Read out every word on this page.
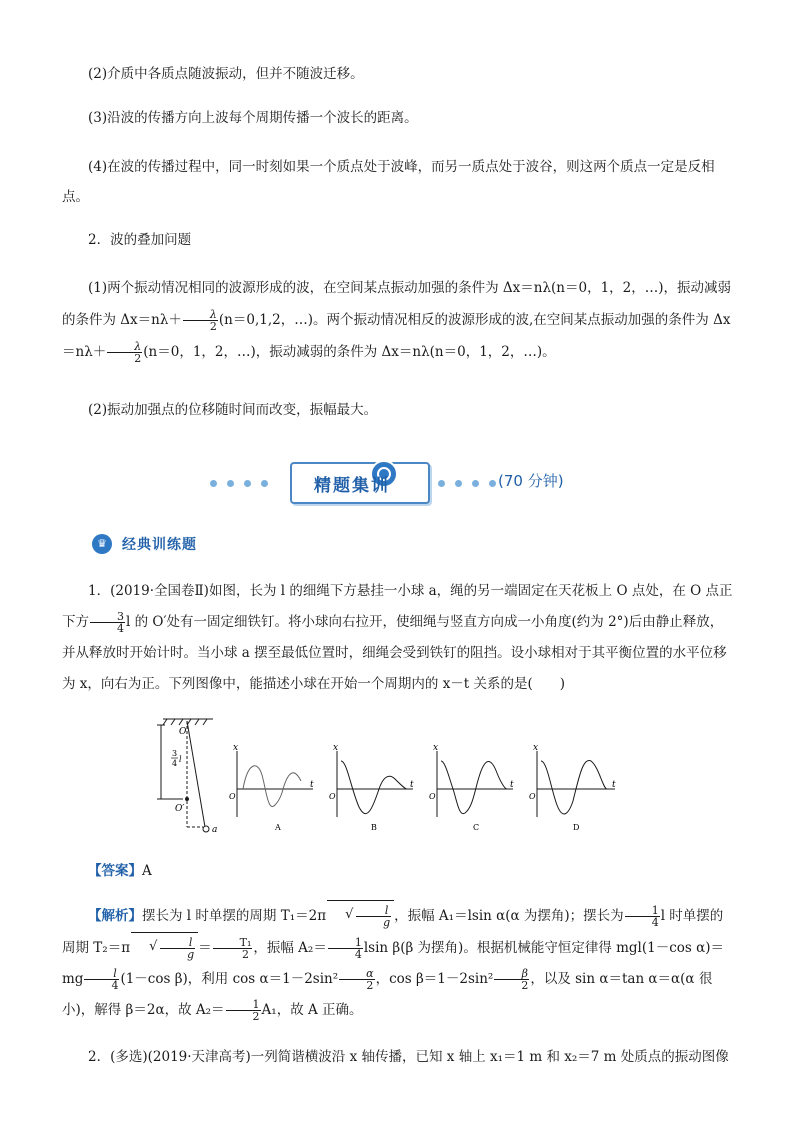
(2)介质中各质点随波振动，但并不随波迁移。
(3)沿波的传播方向上波每个周期传播一个波长的距离。
(4)在波的传播过程中，同一时刻如果一个质点处于波峰，而另一质点处于波谷，则这两个质点一定是反相点。
2．波的叠加问题
(1)两个振动情况相同的波源形成的波，在空间某点振动加强的条件为 Δx＝nλ(n＝0，1，2，…)，振动减弱的条件为 $\Delta x=n\lambda+ \frac{\lambda}{2} (n=0,1,2$，…)。两个振动情况相反的波源形成的波,在空间某点振动加强的条件为 $\Delta x=n\lambda+ \frac{\lambda}{2} (n=0$，1，2，…)，振动减弱的条件为 Δx＝nλ(n＝0，1，2，…)。
(2)振动加强点的位移随时间而改变，振幅最大。
精题集训	(70 分钟)
♛	经典训练题
1．(2019·全国卷Ⅱ)如图，长为 l 的细绳下方悬挂一小球 a，绳的另一端固定在天花板上 O 点处，在 O 点正下方 $\frac{3}{4}$ l 的 O′处有一固定细铁钉。将小球向右拉开，使细绳与竖直方向成一小角度(约为 2°)后由静止释放，并从释放时开始计时。当小球 a 摆至最低位置时，细绳会受到铁钉的阻挡。设小球相对于其平衡位置的水平位移为 x，向右为正。下列图像中，能描述小球在开始一个周期内的 x－t 关系的是(　　)
O
O′
a
3
4 l
x
t
O
A
x
t
O
B
x
t
O
C
x
t
O
D
【答案】A
【解析】摆长为 l 时单摆的周期 T₁＝2π	√ $\frac{l}{g}$ ，振幅 A₁＝lsin α(α 为摆角)；摆长为 $\frac{1}{4}$ l 时单摆的周期 T₂＝π	√ $\frac{l}{g} = \frac{\text{T₁}}{2}$ ，振幅 $A_2= \frac{1}{4}$ lsin β(β 为摆角)。根据机械能守恒定律得 mgl(1－cos $\alpha)=mg \frac{l}{4} (1-\cos$ β)，利用 $\cos \alpha=1-2\sin^2 \frac{\alpha}{2}$ ，$\cos \beta=1-2\sin^2 \frac{\beta}{2}$ ，以及 sin α＝tan α＝α(α 很小)，解得 β＝2α，故 $A_2= \frac{1}{2} A_1$，故 A 正确。
2．(多选)(2019·天津高考)一列简谐横波沿 x 轴传播，已知 x 轴上 x₁＝1 m 和 x₂＝7 m 处质点的振动图像
